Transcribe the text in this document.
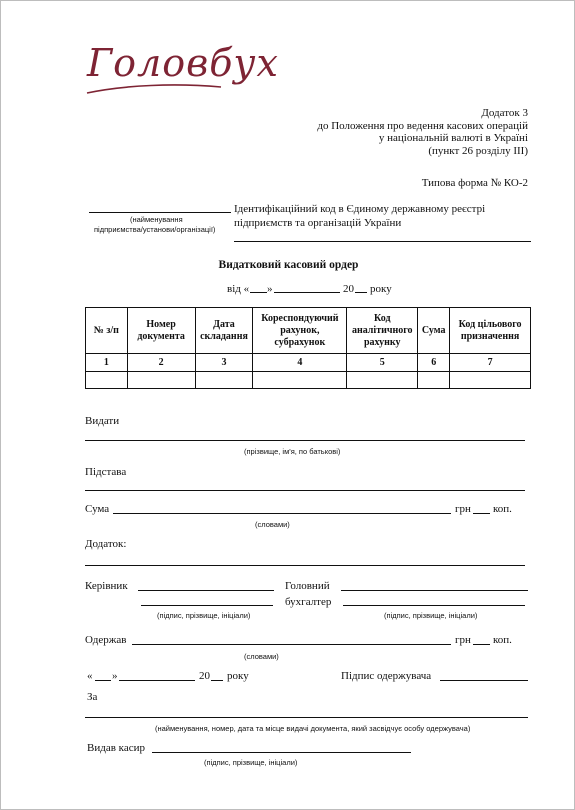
Головбух
Додаток 3
до Положення про ведення касових операцій
у національній валюті в Україні
(пункт 26 розділу ІІІ)
Типова форма № КО-2
(найменування
підприємства/установи/організації)
Ідентифікаційний код в Єдиному державному реєстрі
підприємств та організацій України
Видатковий касовий ордер
від « »	20 року
№ з/п	Номер документа	Дата складання	Кореспондуючий рахунок, субрахунок	Код аналітичного рахунку	Сума	Код цільового призначення
1	2	3	4	5	6	7

Видати
(прізвище, ім'я, по батькові)
Підстава
Сума	грн коп.
(словами)
Додаток:
Керівник	Головний
бухгалтер
(підпис, прізвище, ініціали)	(підпис, прізвище, ініціали)
Одержав	грн коп.
(словами)
« »	20 року	Підпис одержувача
За
(найменування, номер, дата та місце видачі документа, який засвідчує особу одержувача)
Видав касир
(підпис, прізвище, ініціали)
